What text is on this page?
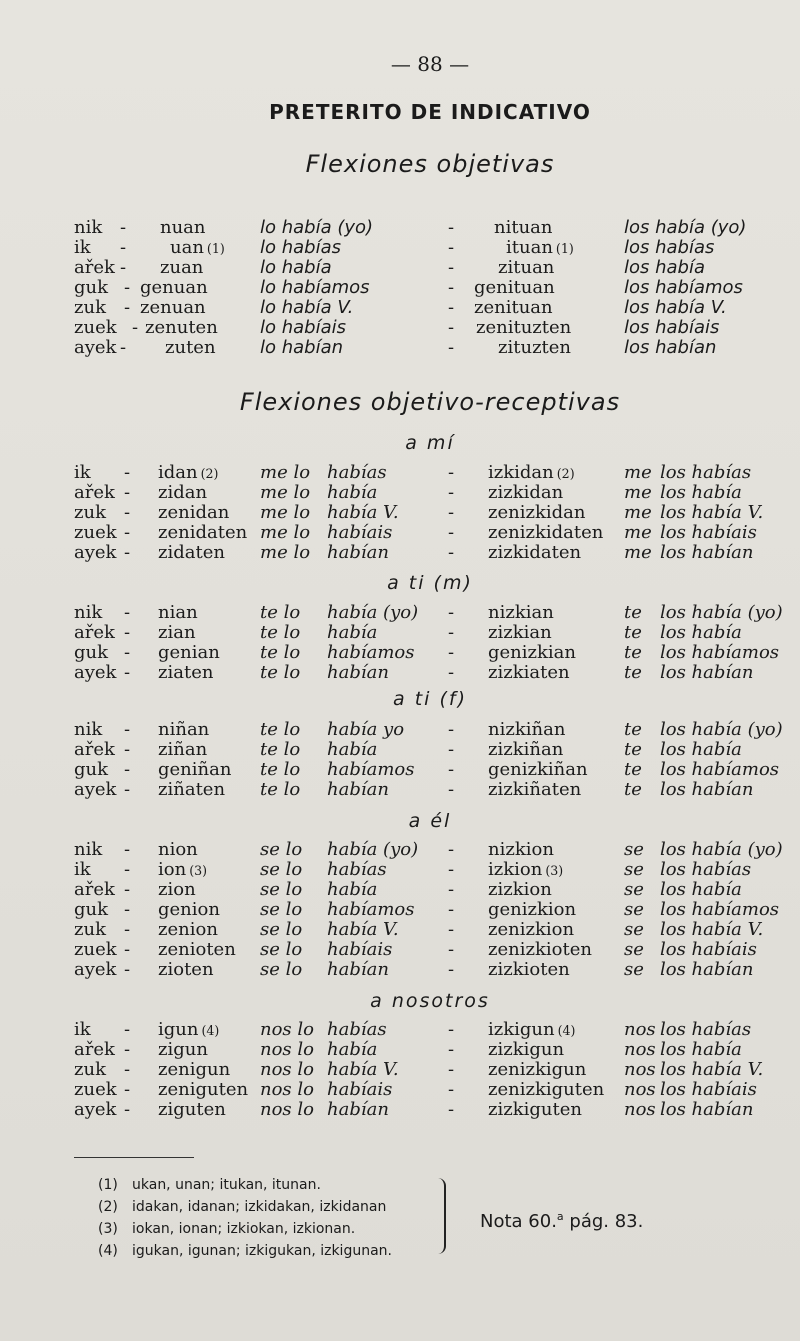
— 88 —
PRETERITO DE INDICATIVO
Flexiones objetivas
nik - nuan	lo había (yo)	- nituan	los había (yo)
ik - uan (1) lo habías	-	ituan (1)	los habías
ařek - zuan	lo había	- zituan	los había
guk - genuan	lo habíamos	- genituan	los habíamos
zuk - zenuan	lo había V.	- zenituan	los había V.
zuek - zenuten lo habíais	- zenituzten	los habíais
ayek - zuten lo habían	- zituzten	los habían
Flexiones objetivo-receptivas
a mí
ik - idan (2) me lo habías	- izkidan (2)	me los habías
ařek - zidan	me lo había	- zizkidan	me los había
zuk - zenidan me lo había V.	- zenizkidan me los había V.
zuek - zenidaten me lo habíais	- zenizkidaten me los habíais
ayek - zidaten me lo habían	- zizkidaten me los habían
a ti (m)
nik - nian	te lo había (yo) - nizkian	te los había (yo)
ařek - zian	te lo había	- zizkian	te los había
guk - genian te lo habíamos - genizkian	te los habíamos
ayek - ziaten	te lo habían	- zizkiaten	te los habían
a ti (f)
nik - niñan	te lo había yo - nizkiñan	te los había (yo)
ařek - ziñan	te lo había	- zizkiñan	te los había
guk - geniñan te lo habíamos - genizkiñan te los habíamos
ayek - ziñaten te lo habían	- zizkiñaten te los habían
a él
nik - nion	se lo había (yo) - nizkion	se los había (yo)
ik - ion (3)	se lo habías	- izkion (3)	se los habías
ařek - zion	se lo había	- zizkion	se los había
guk - genion se lo habíamos - genizkion	se los habíamos
zuk - zenion se lo había V.	- zenizkion	se los había V.
zuek - zenioten se lo habíais	- zenizkioten se los habíais
ayek - zioten	se lo habían	- zizkioten	se los habían
a nosotros
ik - igun (4) nos lo habías	- izkigun (4)	nos los habías
ařek - zigun	nos lo había	- zizkigun	nos los había
zuk - zenigun nos lo había V.	- zenizkigun nos los había V.
zuek - zeniguten nos lo habíais	- zenizkiguten nos los habíais
ayek - ziguten nos lo habían	- zizkiguten nos los habían
(1) ukan, unan; itukan, itunan.
(2) idakan, idanan; izkidakan, izkidanan
(3) iokan, ionan; izkiokan, izkionan.
(4) igukan, igunan; izkigukan, izkigunan.
Nota 60.$^a$ pág. 83.
